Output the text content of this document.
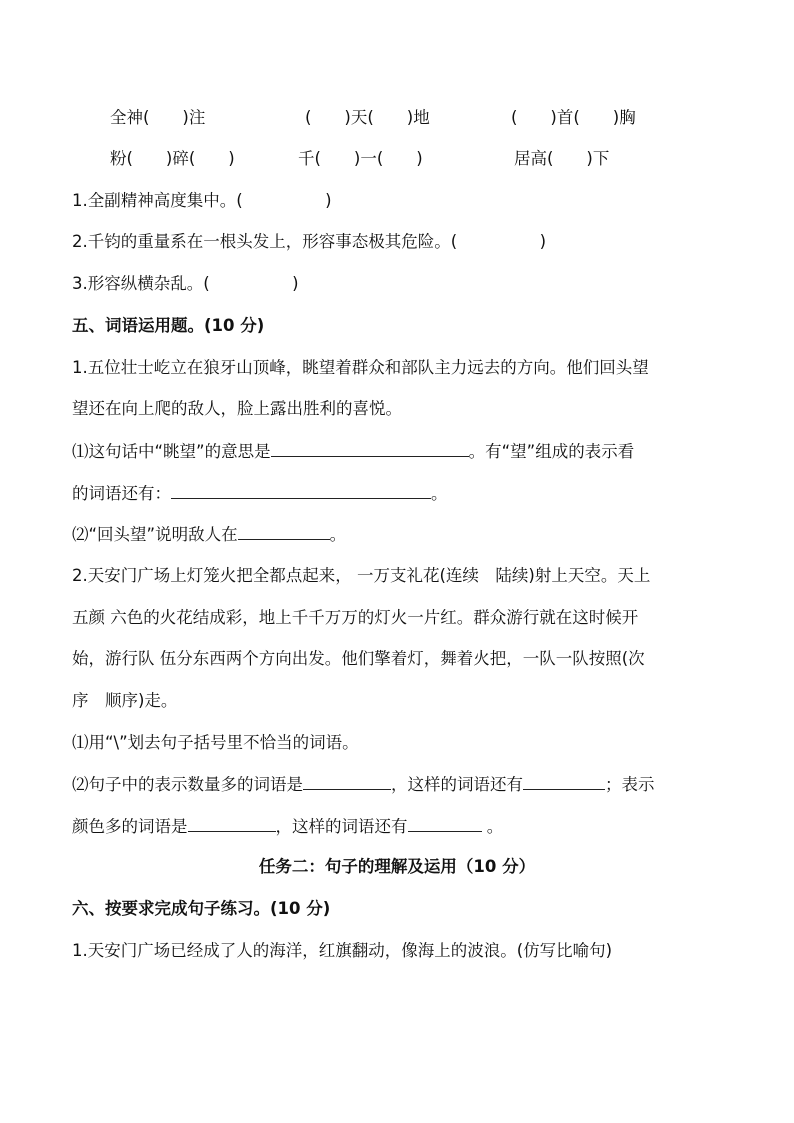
全神(　　)注	(　　)天(　　)地	(　　)首(　　)胸
粉(　　)碎(　　)	千(　　)一(　　)	居高(　　)下
1.全副精神高度集中。(　　　　　)
2.千钧的重量系在一根头发上，形容事态极其危险。(　　　　　)
3.形容纵横杂乱。(　　　　　)
五、词语运用题。(10 分)
1.五位壮士屹立在狼牙山顶峰，眺望着群众和部队主力远去的方向。他们回头望
望还在向上爬的敌人，脸上露出胜利的喜悦。
⑴这句话中“眺望”的意思是	。有“望”组成的表示看
的词语还有：	。
⑵“回头望”说明敌人在	。
2.天安门广场上灯笼火把全都点起来， 一万支礼花(连续　陆续)射上天空。天上
五颜 六色的火花结成彩，地上千千万万的灯火一片红。群众游行就在这时候开
始，游行队 伍分东西两个方向出发。他们擎着灯，舞着火把，一队一队按照(次
序　顺序)走。
⑴用“\”划去句子括号里不恰当的词语。
⑵句子中的表示数量多的词语是	，这样的词语还有	；表示
颜色多的词语是	，这样的词语还有	。
任务二：句子的理解及运用（10 分）
六、按要求完成句子练习。(10 分)
1.天安门广场已经成了人的海洋，红旗翻动，像海上的波浪。(仿写比喻句)
